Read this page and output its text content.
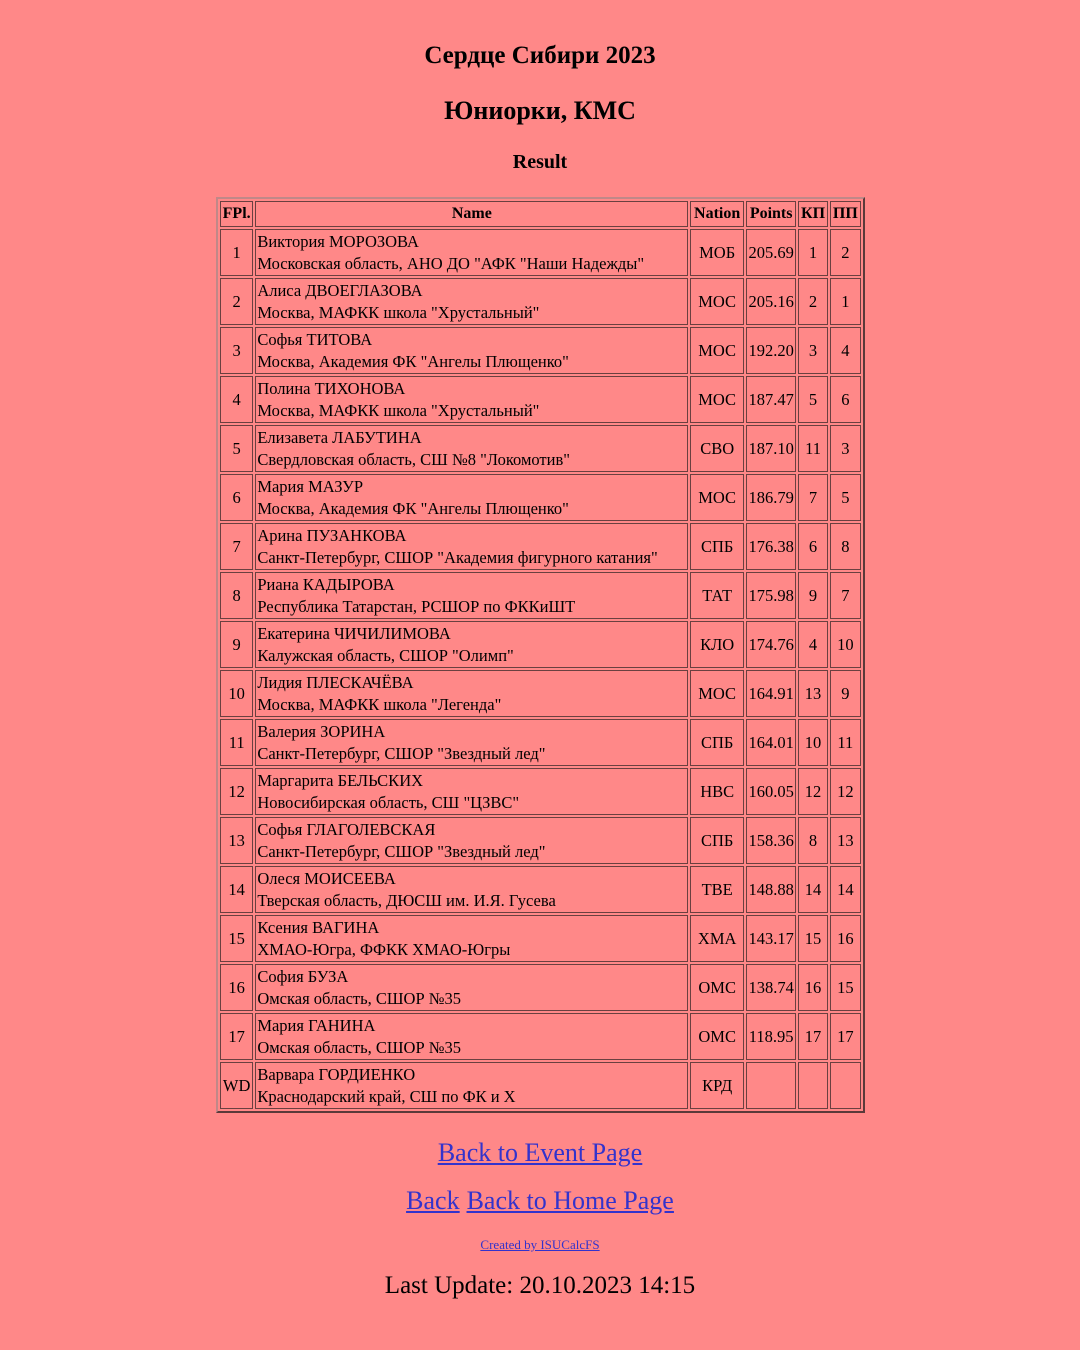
Сердце Сибири 2023
Юниорки, КМС
Result
FPl.	Name	Nation	Points	КП	ПП
1	Виктория МОРОЗОВА
Московская область, АНО ДО "АФК "Наши Надежды"	МОБ	205.69	1	2
2	Алиса ДВОЕГЛАЗОВА
Москва, МАФКК школа "Хрустальный"	МОС	205.16	2	1
3	Софья ТИТОВА
Москва, Академия ФК "Ангелы Плющенко"	МОС	192.20	3	4
4	Полина ТИХОНОВА
Москва, МАФКК школа "Хрустальный"	МОС	187.47	5	6
5	Елизавета ЛАБУТИНА
Свердловская область, СШ №8 "Локомотив"	СВО	187.10	11	3
6	Мария МАЗУР
Москва, Академия ФК "Ангелы Плющенко"	МОС	186.79	7	5
7	Арина ПУЗАНКОВА
Санкт-Петербург, СШОР "Академия фигурного катания"	СПБ	176.38	6	8
8	Риана КАДЫРОВА
Республика Татарстан, РСШОР по ФККиШТ	ТАТ	175.98	9	7
9	Екатерина ЧИЧИЛИМОВА
Калужская область, СШОР "Олимп"	КЛО	174.76	4	10
10	Лидия ПЛЕСКАЧЁВА
Москва, МАФКК школа "Легенда"	МОС	164.91	13	9
11	Валерия ЗОРИНА
Санкт-Петербург, СШОР "Звездный лед"	СПБ	164.01	10	11
12	Маргарита БЕЛЬСКИХ
Новосибирская область, СШ "ЦЗВС"	НВС	160.05	12	12
13	Софья ГЛАГОЛЕВСКАЯ
Санкт-Петербург, СШОР "Звездный лед"	СПБ	158.36	8	13
14	Олеся МОИСЕЕВА
Тверская область, ДЮСШ им. И.Я. Гусева	ТВЕ	148.88	14	14
15	Ксения ВАГИНА
ХМАО-Югра, ФФКК ХМАО-Югры	ХМА	143.17	15	16
16	София БУЗА
Омская область, СШОР №35	ОМС	138.74	16	15
17	Мария ГАНИНА
Омская область, СШОР №35	ОМС	118.95	17	17
WD	Варвара ГОРДИЕНКО
Краснодарский край, СШ по ФК и Х	КРД			
Back to Event Page
Back Back to Home Page
Created by ISUCalcFS
Last Update: 20.10.2023 14:15
